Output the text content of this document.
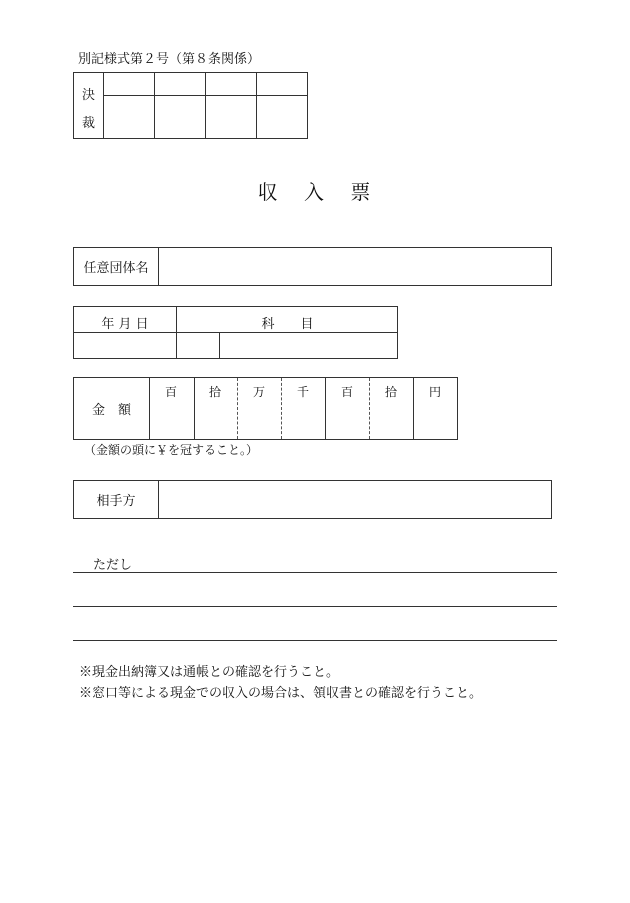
別記様式第２号（第８条関係）
決
裁
収 入 票
任意団体名
年 月 日	科　　目
金　額
百	拾	万	千	百	拾	円
（金額の頭に￥を冠すること。）
相手方
ただし
※現金出納簿又は通帳との確認を行うこと。
※窓口等による現金での収入の場合は、領収書との確認を行うこと。
